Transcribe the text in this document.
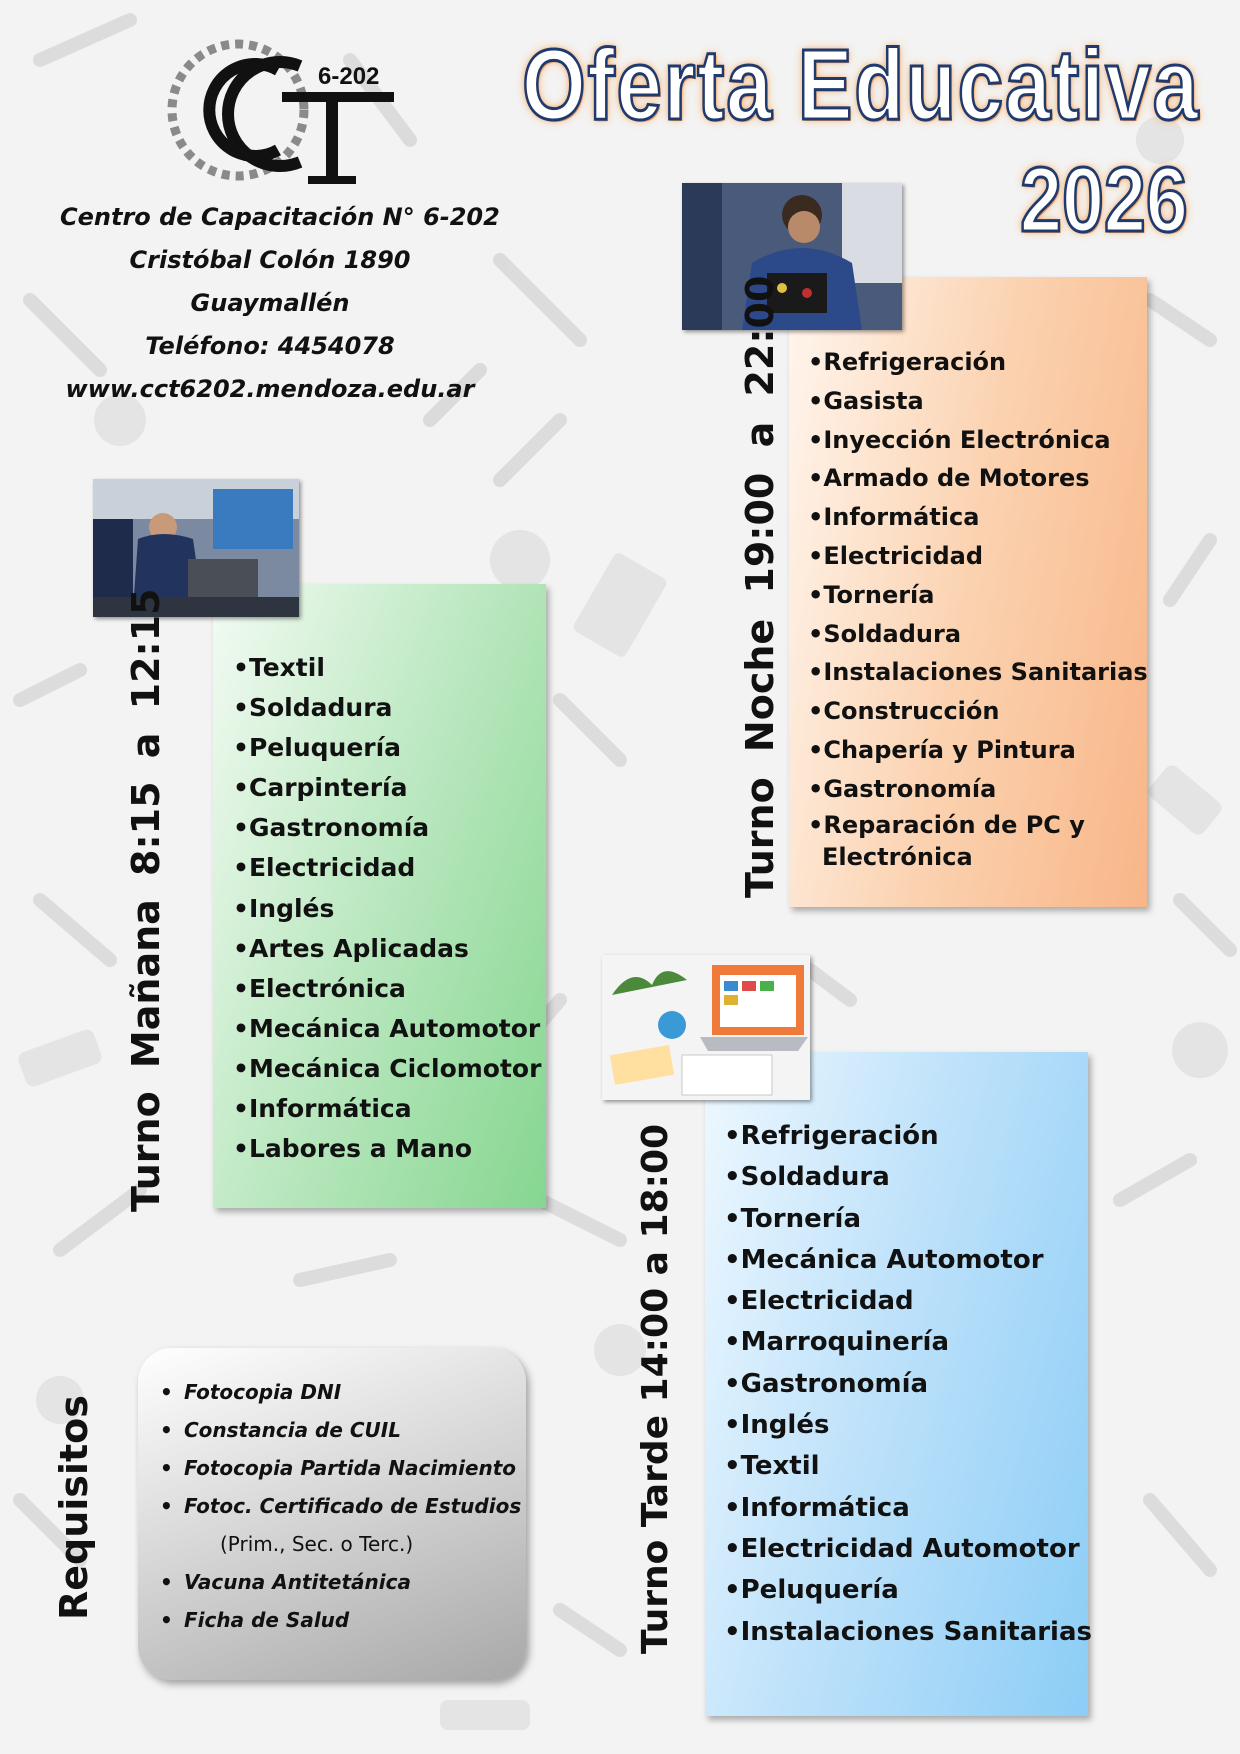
6-202 Oferta Educativa
2026
Centro de Capacitación N° 6-202
Cristóbal Colón 1890
Guaymallén
Teléfono: 4454078
www.cct6202.mendoza.edu.ar
Turno Mañana 8:15 a 12:15
Turno Noche 19:00 a 22:00
Turno Tarde 14:00 a 18:00
Requisitos
• Textil
• Soldadura
• Peluquería
• Carpintería
• Gastronomía
• Electricidad
• Inglés
• Artes Aplicadas
• Electrónica
• Mecánica Automotor
• Mecánica Ciclomotor
• Informática
• Labores a Mano
• Refrigeración
• Gasista
• Inyección Electrónica
• Armado de Motores
• Informática
• Electricidad
• Tornería
• Soldadura
• Instalaciones Sanitarias
• Construcción
• Chapería y Pintura
• Gastronomía
• Reparación de PC y
Electrónica
• Refrigeración
• Soldadura
• Tornería
• Mecánica Automotor
• Electricidad
• Marroquinería
• Gastronomía
• Inglés
• Textil
• Informática
• Electricidad Automotor
• Peluquería
• Instalaciones Sanitarias
• Fotocopia DNI
• Constancia de CUIL
• Fotocopia Partida Nacimiento
• Fotoc. Certificado de Estudios
(Prim., Sec. o Terc.)
• Vacuna Antitetánica
• Ficha de Salud
